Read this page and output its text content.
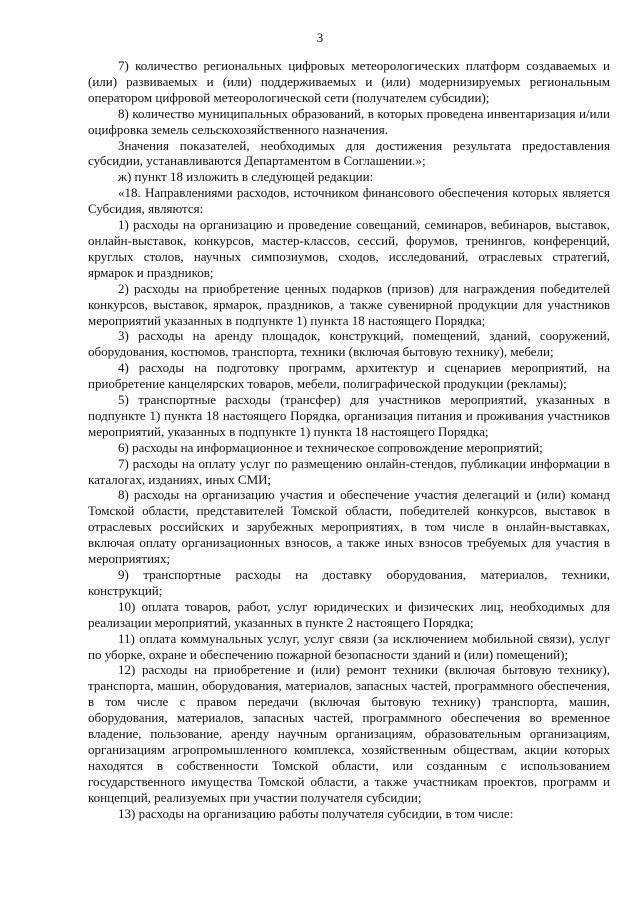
3

7) количество региональных цифровых метеорологических платформ создаваемых и (или) развиваемых и (или) поддерживаемых и (или) модернизируемых региональным оператором цифровой метеорологической сети (получателем субсидии);

8) количество муниципальных образований, в которых проведена инвентаризация и/или оцифровка земель сельскохозяйственного назначения.

Значения показателей, необходимых для достижения результата предоставления субсидии, устанавливаются Департаментом в Соглашении.»;

ж) пункт 18 изложить в следующей редакции:

«18. Направлениями расходов, источником финансового обеспечения которых является Субсидия, являются:

1) расходы на организацию и проведение совещаний, семинаров, вебинаров, выставок, онлайн-выставок, конкурсов, мастер-классов, сессий, форумов, тренингов, конференций, круглых столов, научных симпозиумов, сходов, исследований, отраслевых стратегий, ярмарок и праздников;

2) расходы на приобретение ценных подарков (призов) для награждения победителей конкурсов, выставок, ярмарок, праздников, а также сувенирной продукции для участников мероприятий указанных в подпункте 1) пункта 18 настоящего Порядка;

3) расходы на аренду площадок, конструкций, помещений, зданий, сооружений, оборудования, костюмов, транспорта, техники (включая бытовую технику), мебели;

4) расходы на подготовку программ, архитектур и сценариев мероприятий, на приобретение канцелярских товаров, мебели, полиграфической продукции (рекламы);

5) транспортные расходы (трансфер) для участников мероприятий, указанных в подпункте 1) пункта 18 настоящего Порядка, организация питания и проживания участников мероприятий, указанных в подпункте 1) пункта 18 настоящего Порядка;

6) расходы на информационное и техническое сопровождение мероприятий;

7) расходы на оплату услуг по размещению онлайн-стендов, публикации информации в каталогах, изданиях, иных СМИ;

8) расходы на организацию участия и обеспечение участия делегаций и (или) команд Томской области, представителей Томской области, победителей конкурсов, выставок в отраслевых российских и зарубежных мероприятиях, в том числе в онлайн-выставках, включая оплату организационных взносов, а также иных взносов требуемых для участия в мероприятиях;

9) транспортные расходы на доставку оборудования, материалов, техники, конструкций;

10) оплата товаров, работ, услуг юридических и физических лиц, необходимых для реализации мероприятий, указанных в пункте 2 настоящего Порядка;

11) оплата коммунальных услуг, услуг связи (за исключением мобильной связи), услуг по уборке, охране и обеспечению пожарной безопасности зданий и (или) помещений);

12) расходы на приобретение и (или) ремонт техники (включая бытовую технику), транспорта, машин, оборудования, материалов, запасных частей, программного обеспечения, в том числе с правом передачи (включая бытовую технику) транспорта, машин, оборудования, материалов, запасных частей, программного обеспечения во временное владение, пользование, аренду научным организациям, образовательным организациям, организациям агропромышленного комплекса, хозяйственным обществам, акции которых находятся в собственности Томской области, или созданным с использованием государственного имущества Томской области, а также участникам проектов, программ и концепций, реализуемых при участии получателя субсидии;

13) расходы на организацию работы получателя субсидии, в том числе:
